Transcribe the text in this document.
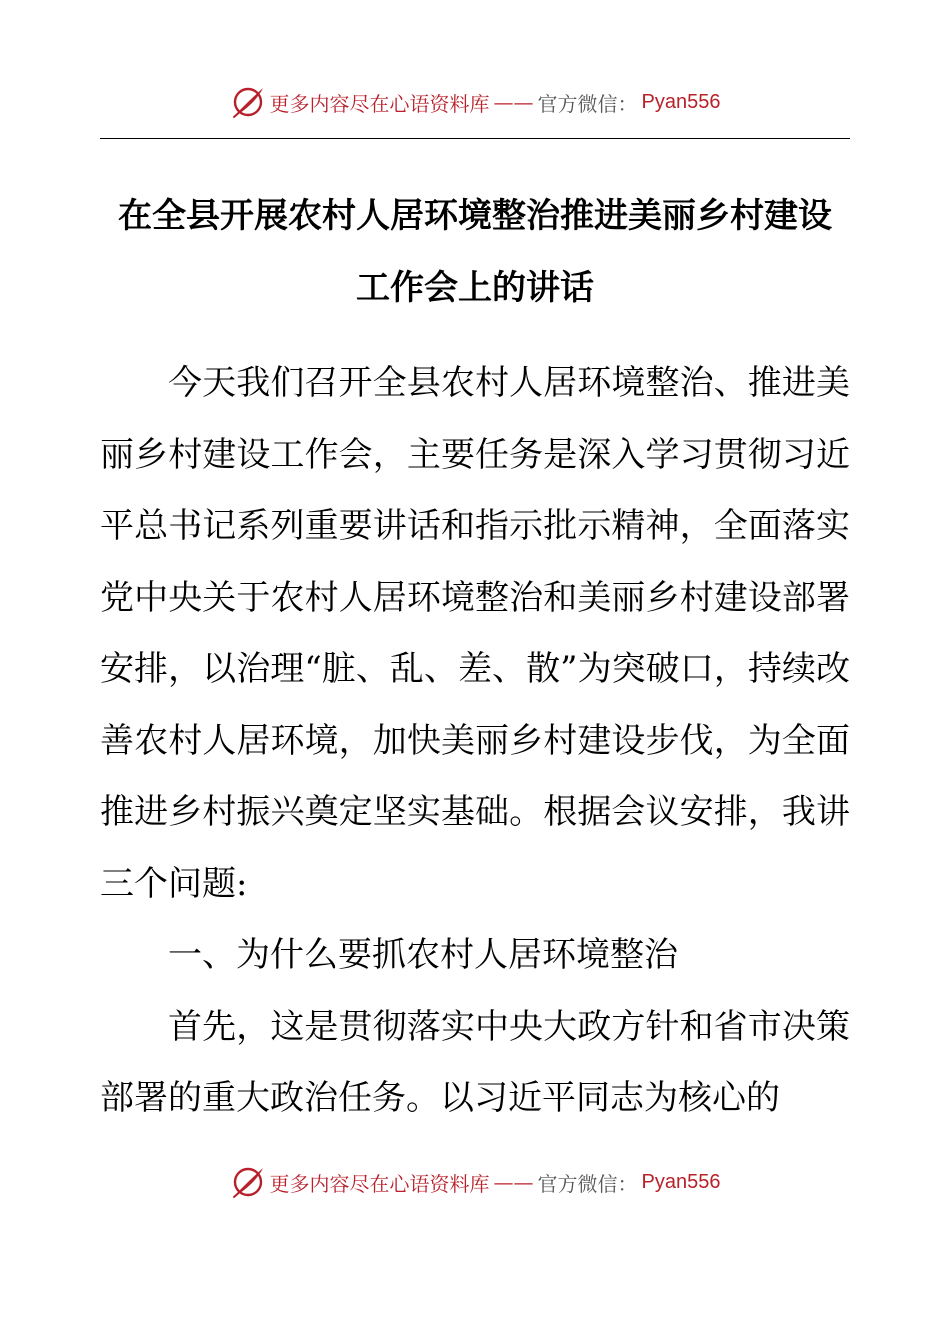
更多内容尽在心语资料库 —— 官方微信： Pyan556
在全县开展农村人居环境整治推进美丽乡村建设
工作会上的讲话

今天我们召开全县农村人居环境整治、推进美丽乡村建设工作会，主要任务是深入学习贯彻习近平总书记系列重要讲话和指示批示精神，全面落实党中央关于农村人居环境整治和美丽乡村建设部署安排，以治理“脏、乱、差、散”为突破口，持续改善农村人居环境，加快美丽乡村建设步伐，为全面推进乡村振兴奠定坚实基础。根据会议安排，我讲三个问题:

一、为什么要抓农村人居环境整治

首先，这是贯彻落实中央大政方针和省市决策部署的重大政治任务。以习近平同志为核心的

更多内容尽在心语资料库 —— 官方微信： Pyan556
